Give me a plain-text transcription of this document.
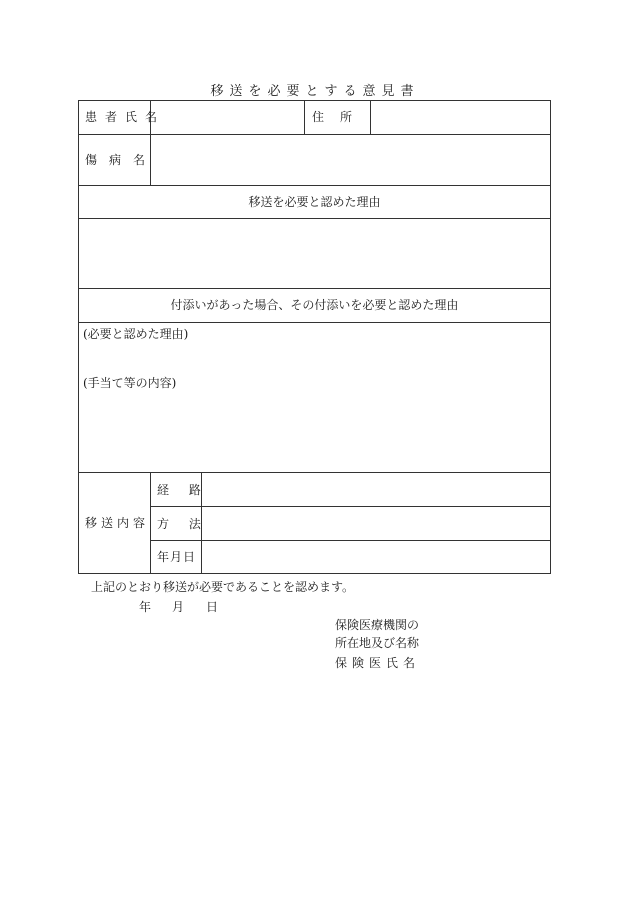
移送を必要とする意見書
患者氏名	住　所
傷病名
移送を必要と認めた理由
付添いがあった場合、その付添いを必要と認めた理由
(必要と認めた理由)
(手当て等の内容)
移送内容
経 路
方 法
年月日
上記のとおり移送が必要であることを認めます。
年 月 日
保険医療機関の
所在地及び名称
保険医氏名
